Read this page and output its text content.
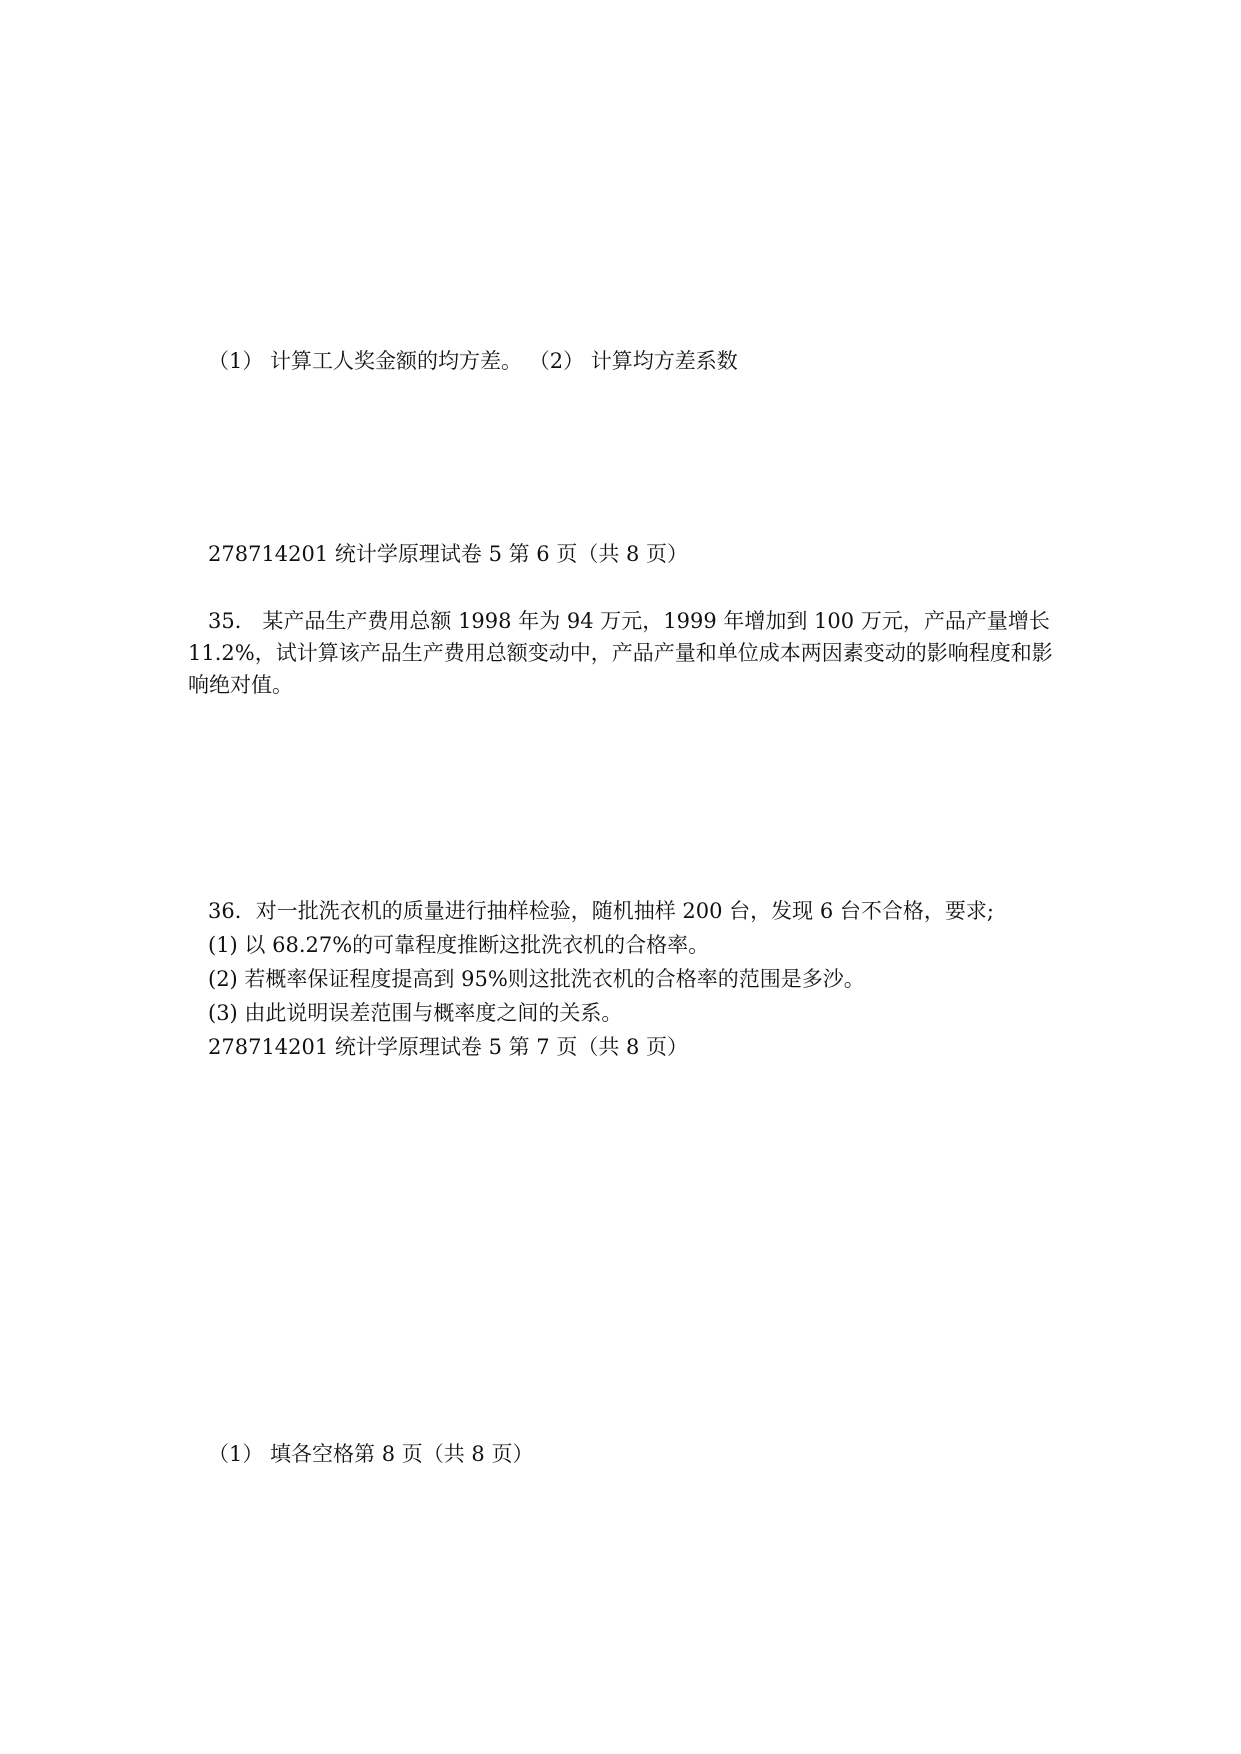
（1） 计算工人奖金额的均方差。 （2） 计算均方差系数
278714201 统计学原理试卷 5 第 6 页（共 8 页）
35． 某产品生产费用总额 1998 年为 94 万元，1999 年增加到 100 万元，产品产量增长 11.2%，试计算该产品生产费用总额变动中，产品产量和单位成本两因素变动的影响程度和影响绝对值。
36．对一批洗衣机的质量进行抽样检验，随机抽样 200 台，发现 6 台不合格，要求;
(1) 以 68.27%的可靠程度推断这批洗衣机的合格率。
(2) 若概率保证程度提高到 95%则这批洗衣机的合格率的范围是多沙。
(3) 由此说明误差范围与概率度之间的关系。
278714201 统计学原理试卷 5 第 7 页（共 8 页）
（1） 填各空格第 8 页（共 8 页）
